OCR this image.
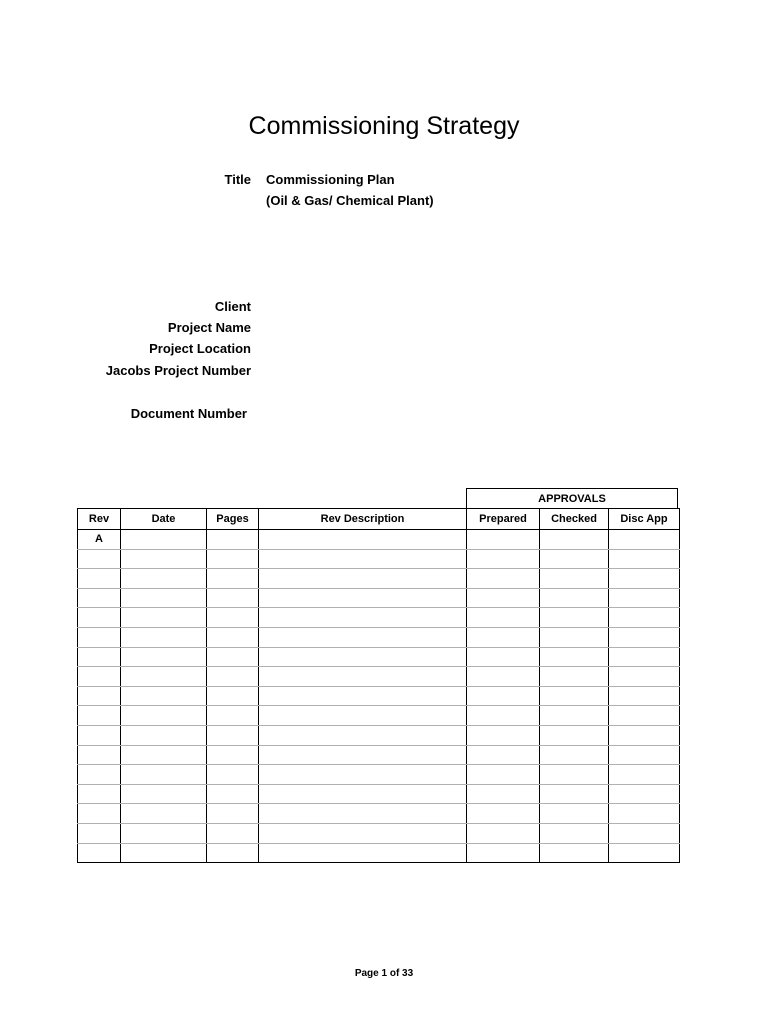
Commissioning Strategy
Title Commissioning Plan
(Oil & Gas/ Chemical Plant)
Client
Project Name
Project Location
Jacobs Project Number
Document Number
APPROVALS
Rev	Date	Pages	Rev Description	Prepared	Checked	Disc App
A						

Page 1 of 33
